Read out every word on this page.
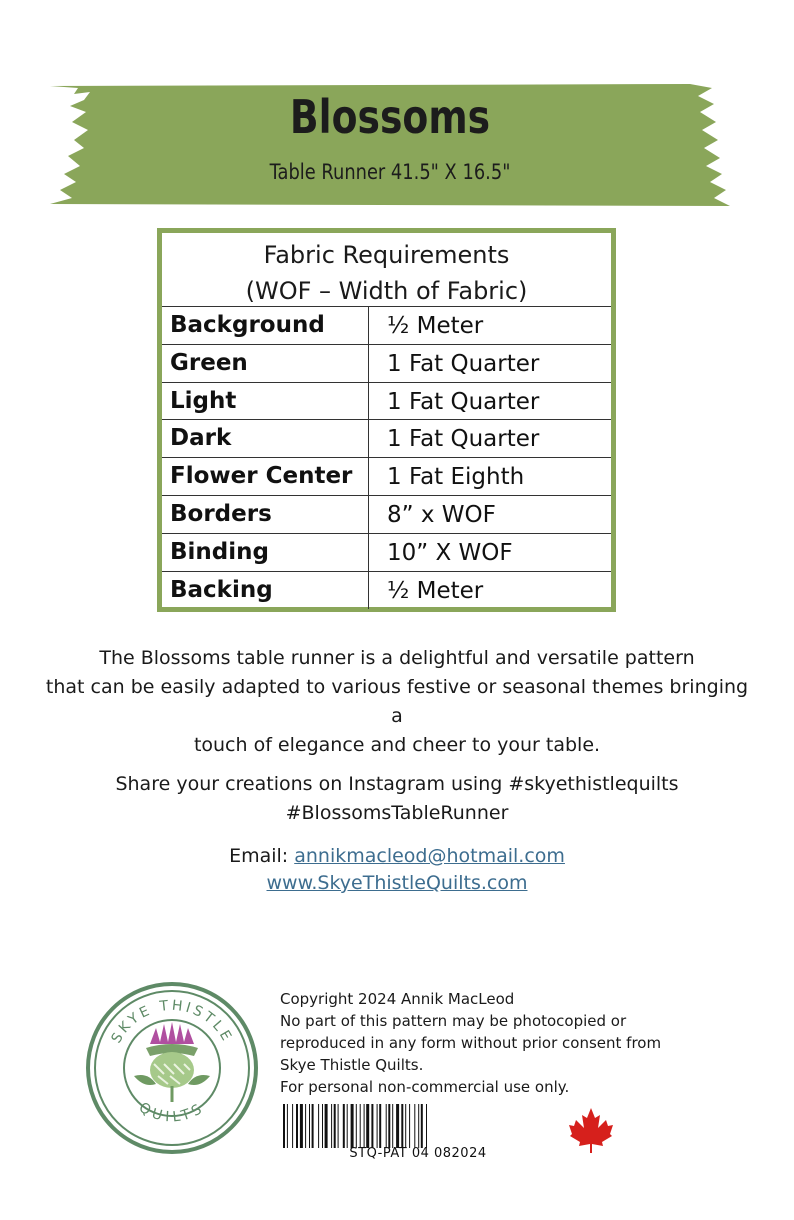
Blossoms
Table Runner 41.5" X 16.5"
Fabric Requirements
(WOF – Width of Fabric)
Background	½ Meter
Green	1 Fat Quarter
Light	1 Fat Quarter
Dark	1 Fat Quarter
Flower Center	1 Fat Eighth
Borders	8” x WOF
Binding	10” X WOF
Backing	½ Meter
The Blossoms table runner is a delightful and versatile pattern
that can be easily adapted to various festive or seasonal themes bringing a
touch of elegance and cheer to your table.
Share your creations on Instagram using #skyethistlequilts
#BlossomsTableRunner
Email: annikmacleod@hotmail.com
www.SkyeThistleQuilts.com
SKYE THISTLE
QUILTS
Copyright 2024 Annik MacLeod
No part of this pattern may be photocopied or
reproduced in any form without prior consent from
Skye Thistle Quilts.
For personal non-commercial use only.
STQ-PAT 04 082024
